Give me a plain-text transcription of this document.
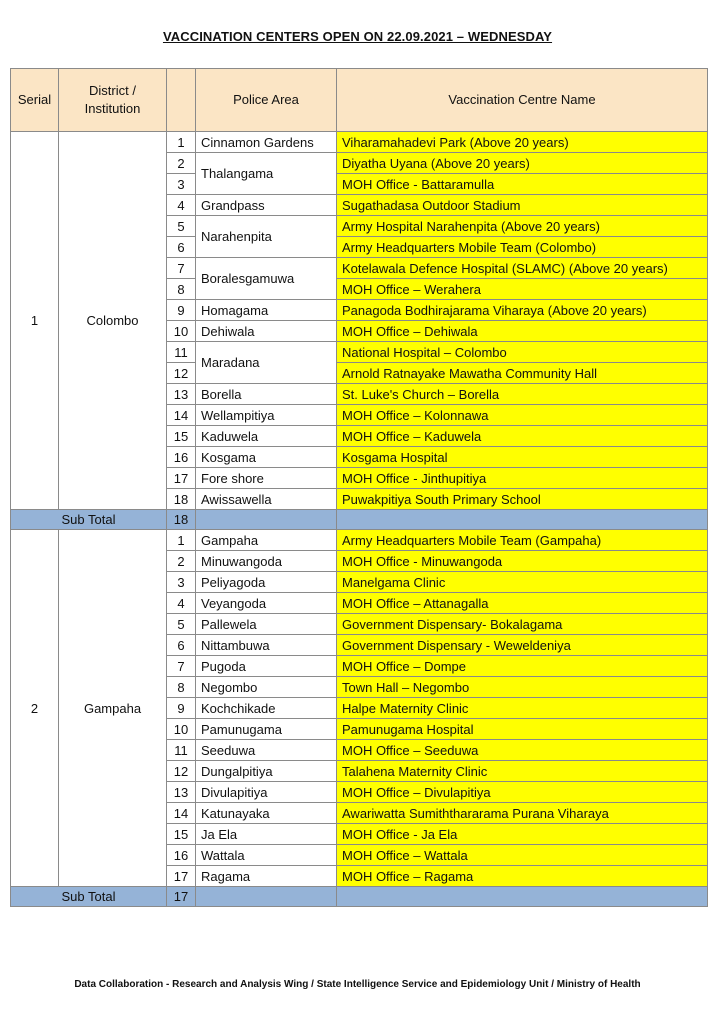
VACCINATION CENTERS OPEN ON 22.09.2021 – WEDNESDAY
Serial	District / Institution		Police Area	Vaccination Centre Name
1	Colombo	1	Cinnamon Gardens	Viharamahadevi Park (Above 20 years)
		2	Thalangama	Diyatha Uyana (Above 20 years)
		3		MOH Office - Battaramulla
		4	Grandpass	Sugathadasa Outdoor Stadium
		5	Narahenpita	Army Hospital Narahenpita (Above 20 years)
		6		Army Headquarters Mobile Team (Colombo)
		7	Boralesgamuwa	Kotelawala Defence Hospital (SLAMC) (Above 20 years)
		8		MOH Office – Werahera
		9	Homagama	Panagoda Bodhirajarama Viharaya (Above 20 years)
		10	Dehiwala	MOH Office – Dehiwala
		11	Maradana	National Hospital – Colombo
		12		Arnold Ratnayake Mawatha Community Hall
		13	Borella	St. Luke's Church – Borella
		14	Wellampitiya	MOH Office – Kolonnawa
		15	Kaduwela	MOH Office – Kaduwela
		16	Kosgama	Kosgama Hospital
		17	Fore shore	MOH Office - Jinthupitiya
		18	Awissawella	Puwakpitiya South Primary School
Sub Total		18		
2	Gampaha	1	Gampaha	Army Headquarters Mobile Team (Gampaha)
		2	Minuwangoda	MOH Office - Minuwangoda
		3	Peliyagoda	Manelgama Clinic
		4	Veyangoda	MOH Office – Attanagalla
		5	Pallewela	Government Dispensary- Bokalagama
		6	Nittambuwa	Government Dispensary - Weweldeniya
		7	Pugoda	MOH Office – Dompe
		8	Negombo	Town Hall – Negombo
		9	Kochchikade	Halpe Maternity Clinic
		10	Pamunugama	Pamunugama Hospital
		11	Seeduwa	MOH Office – Seeduwa
		12	Dungalpitiya	Talahena Maternity Clinic
		13	Divulapitiya	MOH Office – Divulapitiya
		14	Katunayaka	Awariwatta Sumiththararama Purana Viharaya
		15	Ja Ela	MOH Office - Ja Ela
		16	Wattala	MOH Office – Wattala
		17	Ragama	MOH Office – Ragama
Sub Total		17		
Data Collaboration - Research and Analysis Wing / State Intelligence Service and Epidemiology Unit / Ministry of Health
